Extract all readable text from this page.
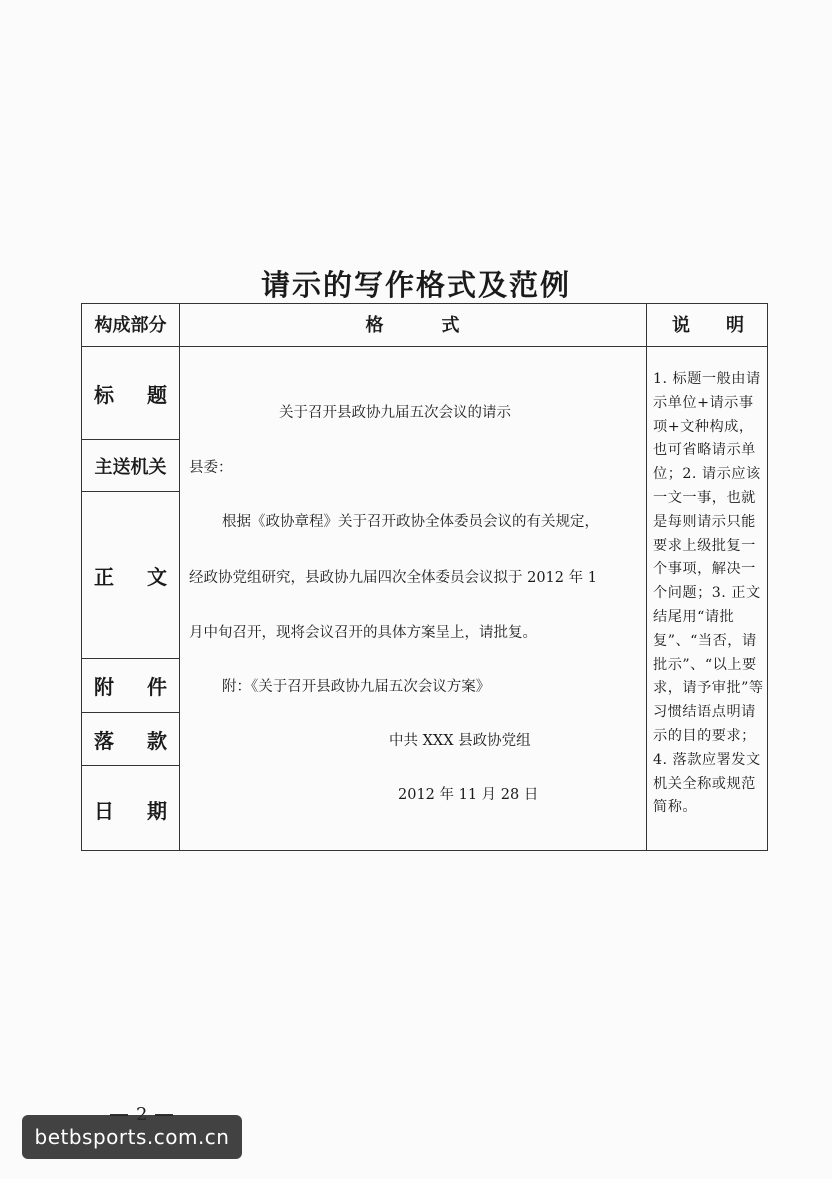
请示的写作格式及范例
构成部分	格　　　式	说　　明
标 题
主送机关
正 文
附 件
落 款
日 期
关于召开县政协九届五次会议的请示
县委：
根据《政协章程》关于召开政协全体委员会议的有关规定，
经政协党组研究，县政协九届四次全体委员会议拟于 2012 年 1
月中旬召开，现将会议召开的具体方案呈上，请批复。
附：《关于召开县政协九届五次会议方案》
中共 XXX 县政协党组
2012 年 11 月 28 日
1. 标题一般由请示单位+请示事项+文种构成，也可省略请示单位；2. 请示应该一文一事，也就是每则请示只能要求上级批复一个事项，解决一个问题；3. 正文结尾用“请批复”、“当否，请批示”、“以上要求，请予审批”等习惯结语点明请示的目的要求；4. 落款应署发文机关全称或规范简称。
betbsports.com.cn
